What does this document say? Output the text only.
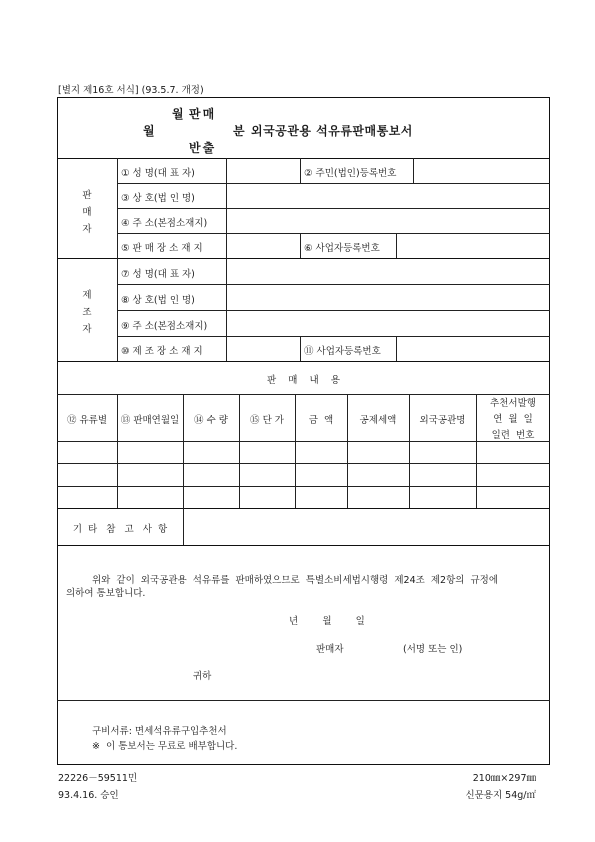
[별지 제16호 서식] (93.5.7. 개정)
판매
월
월	분 외국공관용 석유류판매통보서
반출
판
매
자
① 성 명(대 표 자)	② 주민(법인)등록번호
③ 상 호(법 인 명)
④ 주 소(본점소재지)
⑤ 판 매 장 소 재 지	⑥ 사업자등록번호
제
조
자
⑦ 성 명(대 표 자)
⑧ 상 호(법 인 명)
⑨ 주 소(본점소재지)
⑩ 제 조 장 소 재 지	⑪ 사업자등록번호
판    매    내    용
⑫ 유류별	⑬ 판매연월일	⑭ 수 량	⑮ 단 가	금  액	공제세액	외국공관명
추천서발행
연  월  일
일련  번호
기  타   참   고   사  항
위와  같이  외국공관용  석유류를  판매하였으므로  특별소비세법시행령  제24조  제2항의  규정에
의하여 통보합니다.
년        월        일
판매자	(서명 또는 인)
귀하
구비서류: 면세석유류구입추천서
※  이 통보서는 무료로 배부합니다.
22226－59511민
93.4.16. 승인
210㎜×297㎜
신문용지 54g/㎡
